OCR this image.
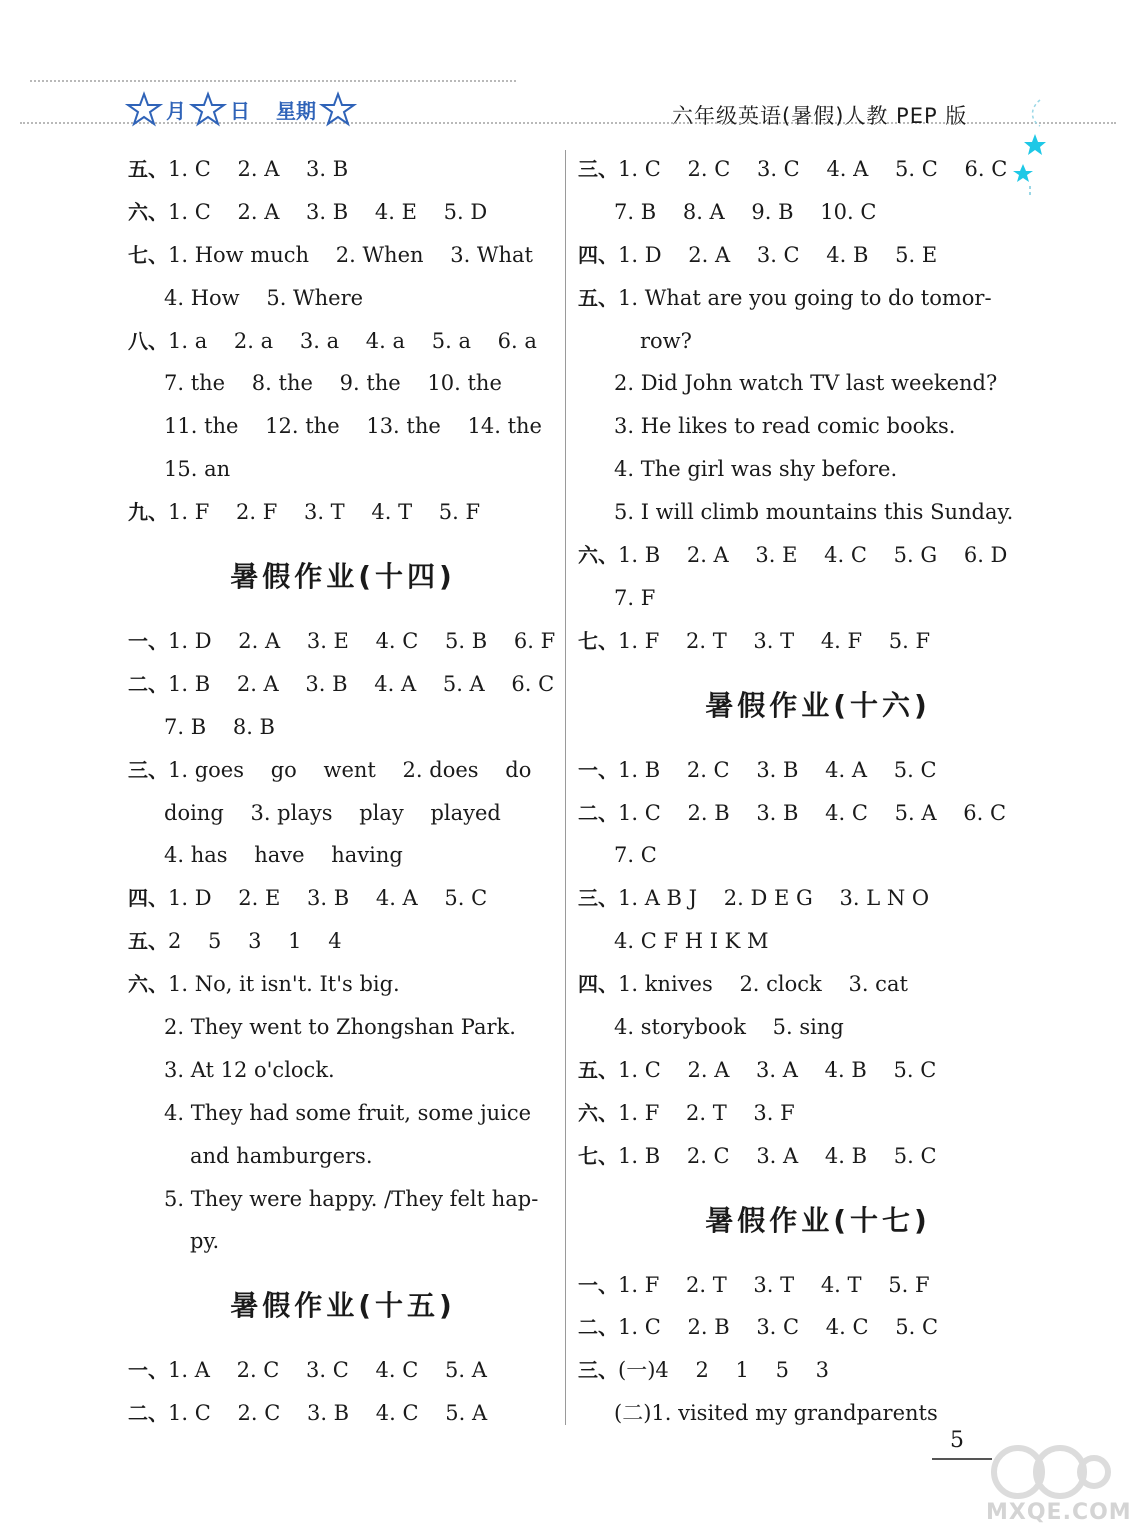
月 日 星期	六年级英语(暑假)人教 PEP 版
五、1. C    2. A    3. B
六、1. C    2. A    3. B    4. E    5. D
七、1. How much    2. When    3. What
4. How    5. Where
八、1. a    2. a    3. a    4. a    5. a    6. a
7. the    8. the    9. the    10. the
11. the    12. the    13. the    14. the
15. an
九、1. F    2. F    3. T    4. T    5. F
暑假作业(十四)
一、1. D    2. A    3. E    4. C    5. B    6. F
二、1. B    2. A    3. B    4. A    5. A    6. C
7. B    8. B
三、1. goes    go    went    2. does    do
doing    3. plays    play    played
4. has    have    having
四、1. D    2. E    3. B    4. A    5. C
五、2    5    3    1    4
六、1. No, it isn't. It's big.
2. They went to Zhongshan Park.
3. At 12 o'clock.
4. They had some fruit, some juice
and hamburgers.
5. They were happy. /They felt hap-
py.
暑假作业(十五)
一、1. A    2. C    3. C    4. C    5. A
二、1. C    2. C    3. B    4. C    5. A
三、1. C    2. C    3. C    4. A    5. C    6. C
7. B    8. A    9. B    10. C
四、1. D    2. A    3. C    4. B    5. E
五、1. What are you going to do tomor-
row?
2. Did John watch TV last weekend?
3. He likes to read comic books.
4. The girl was shy before.
5. I will climb mountains this Sunday.
六、1. B    2. A    3. E    4. C    5. G    6. D
7. F
七、1. F    2. T    3. T    4. F    5. F
暑假作业(十六)
一、1. B    2. C    3. B    4. A    5. C
二、1. C    2. B    3. B    4. C    5. A    6. C
7. C
三、1. A B J    2. D E G    3. L N O
4. C F H I K M
四、1. knives    2. clock    3. cat
4. storybook    5. sing
五、1. C    2. A    3. A    4. B    5. C
六、1. F    2. T    3. F
七、1. B    2. C    3. A    4. B    5. C
暑假作业(十七)
一、1. F    2. T    3. T    4. T    5. F
二、1. C    2. B    3. C    4. C    5. C
三、(一)4    2    1    5    3
(二)1. visited my grandparents
5
MXQE.COM
